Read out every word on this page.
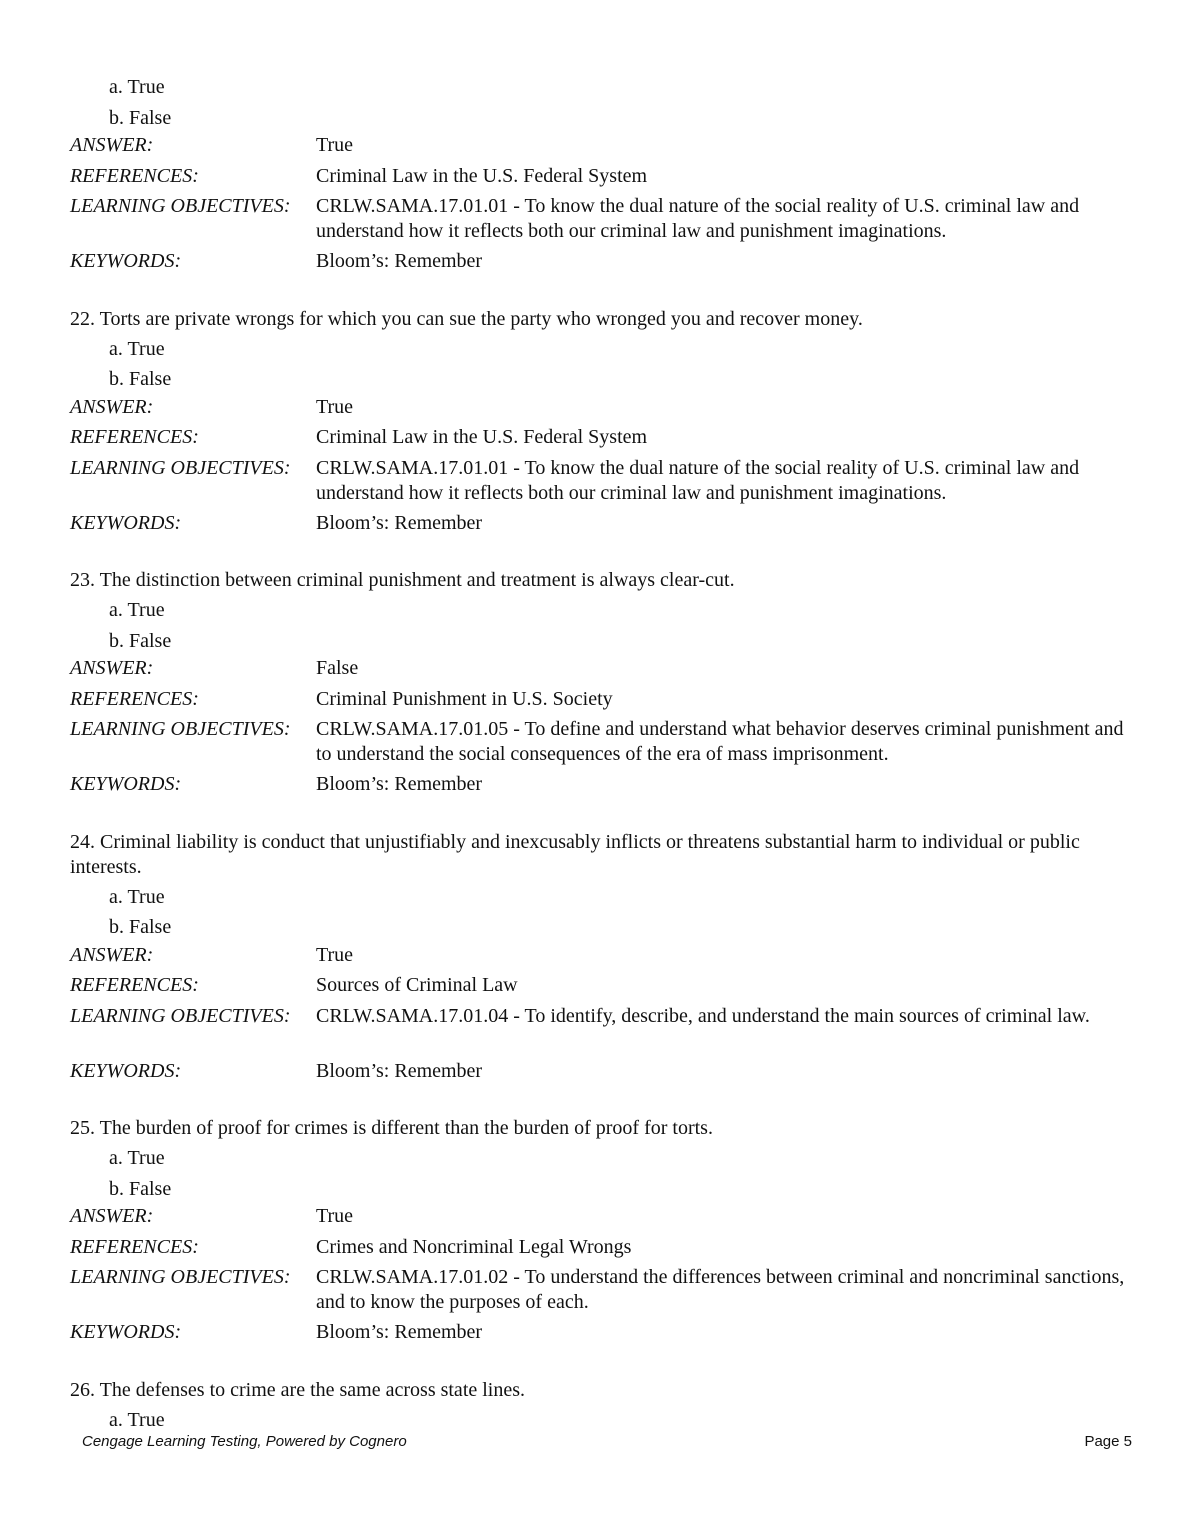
a. True
b. False
ANSWER:	True
REFERENCES:	Criminal Law in the U.S. Federal System
LEARNING OBJECTIVES:	CRLW.SAMA.17.01.01 - To know the dual nature of the social reality of U.S. criminal law and understand how it reflects both our criminal law and punishment imaginations.
KEYWORDS:	Bloom’s: Remember
22. Torts are private wrongs for which you can sue the party who wronged you and recover money.
a. True
b. False
ANSWER:	True
REFERENCES:	Criminal Law in the U.S. Federal System
LEARNING OBJECTIVES:	CRLW.SAMA.17.01.01 - To know the dual nature of the social reality of U.S. criminal law and understand how it reflects both our criminal law and punishment imaginations.
KEYWORDS:	Bloom’s: Remember
23. The distinction between criminal punishment and treatment is always clear-cut.
a. True
b. False
ANSWER:	False
REFERENCES:	Criminal Punishment in U.S. Society
LEARNING OBJECTIVES:	CRLW.SAMA.17.01.05 - To define and understand what behavior deserves criminal punishment and to understand the social consequences of the era of mass imprisonment.
KEYWORDS:	Bloom’s: Remember
24. Criminal liability is conduct that unjustifiably and inexcusably inflicts or threatens substantial harm to individual or public interests.
a. True
b. False
ANSWER:	True
REFERENCES:	Sources of Criminal Law
LEARNING OBJECTIVES:	CRLW.SAMA.17.01.04 - To identify, describe, and understand the main sources of criminal law.
KEYWORDS:	Bloom’s: Remember
25. The burden of proof for crimes is different than the burden of proof for torts.
a. True
b. False
ANSWER:	True
REFERENCES:	Crimes and Noncriminal Legal Wrongs
LEARNING OBJECTIVES:	CRLW.SAMA.17.01.02 - To understand the differences between criminal and noncriminal sanctions, and to know the purposes of each.
KEYWORDS:	Bloom’s: Remember
26. The defenses to crime are the same across state lines.
a. True
Cengage Learning Testing, Powered by Cognero	Page 5
